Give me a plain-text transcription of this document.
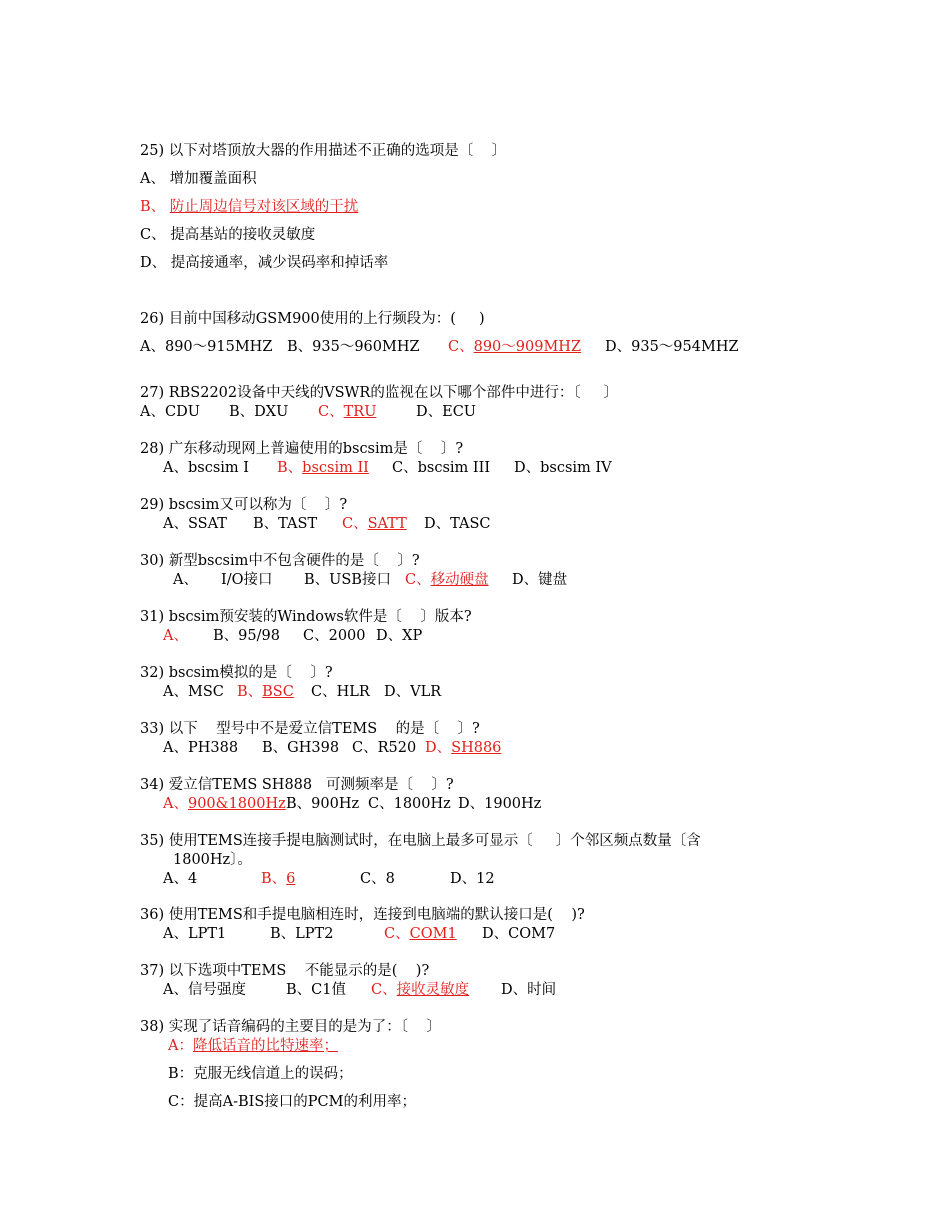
25) 以下对塔顶放大器的作用描述不正确的选项是〔    〕
A、 增加覆盖面积
B、 防止周边信号对该区域的干扰
C、 提高基站的接收灵敏度
D、 提高接通率，减少误码率和掉话率
26) 目前中国移动GSM900使用的上行频段为：(     )
A、890～915MHZ B、935～960MHZ C、890～909MHZ D、935～954MHZ
27) RBS2202设备中天线的VSWR的监视在以下哪个部件中进行：〔     〕
A、CDU B、DXU C、TRU	D、ECU
28) 广东移动现网上普遍使用的bscsim是〔    〕?
A、bscsim I B、bscsim II C、bscsim III D、bscsim IV
29) bscsim又可以称为〔    〕?
A、SSAT B、TAST C、SATT D、TASC
30) 新型bscsim中不包含硬件的是〔    〕?
A、     I/O接口 B、USB接口 C、移动硬盘 D、键盘
31) bscsim预安装的Windows软件是〔    〕版本?
A、 B、95/98 C、2000 D、XP
32) bscsim模拟的是〔    〕?
A、MSC B、BSC C、HLR D、VLR
33) 以下    型号中不是爱立信TEMS    的是〔    〕?
A、PH388 B、GH398 C、R520 D、SH886
34) 爱立信TEMS SH888   可测频率是〔    〕?
A、900&1800Hz B、900Hz C、1800Hz D、1900Hz
35) 使用TEMS连接手提电脑测试时，在电脑上最多可显示〔     〕个邻区频点数量〔含
1800Hz〕。
A、4	B、6	C、8	D、12
36) 使用TEMS和手提电脑相连时，连接到电脑端的默认接口是(    )?
A、LPT1	B、LPT2	C、COM1 D、COM7
37) 以下选项中TEMS    不能显示的是(    )?
A、信号强度	B、C1值 C、接收灵敏度 D、时间
38) 实现了话音编码的主要目的是为了：〔    〕
A：降低话音的比特速率；
B：克服无线信道上的误码；
C：提高A-BIS接口的PCM的利用率；
